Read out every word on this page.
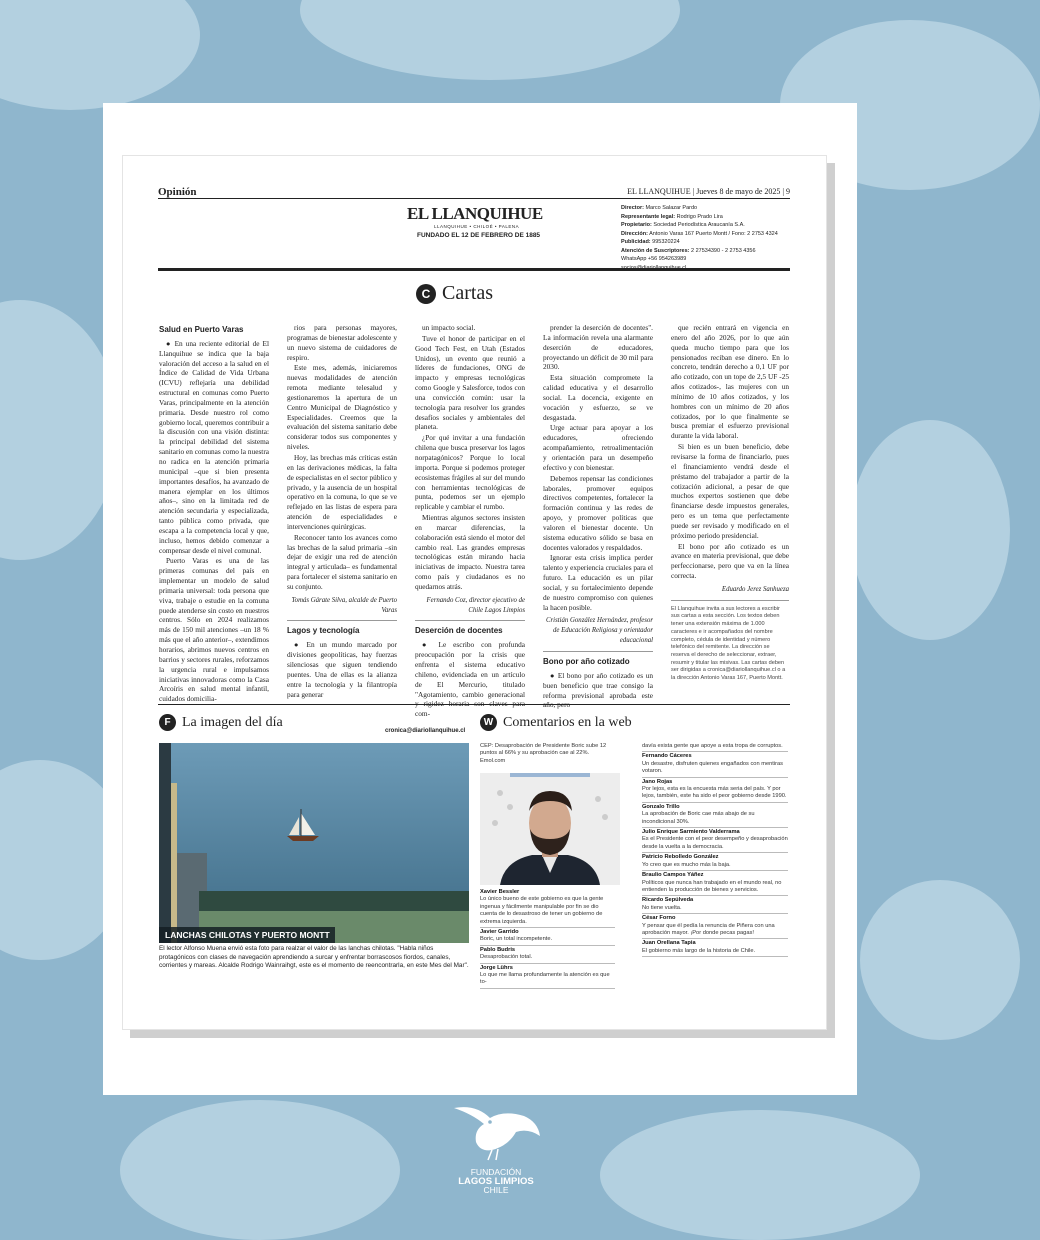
Opinión	EL LLANQUIHUE | Jueves 8 de mayo de 2025 | 9
EL LLANQUIHUE
LLANQUIHUE • CHILOÉ • PALENA
FUNDADO EL 12 DE FEBRERO DE 1885
Director: Marco Salazar Pardo
Representante legal: Rodrigo Prado Lira
Propietario: Sociedad Periodística Araucanía S.A.
Dirección: Antonio Varas 167 Puerto Montt / Fono: 2 2753 4324
Publicidad: 995320224
Atención de Suscriptores: 2 27534390 - 2 2753 4356
WhatsApp +56 954263989
socios@diariollanquihue.cl
C Cartas

Salud en Puerto Varas

● En una reciente editorial de El Llanquihue se indica que la baja valoración del acceso a la salud en el Índice de Calidad de Vida Urbana (ICVU) reflejaría una debilidad estructural en comunas como Puerto Varas, principalmente en la atención primaria. Desde nuestro rol como gobierno local, queremos contribuir a la discusión con una visión distinta: la principal debilidad del sistema sanitario en comunas como la nuestra no radica en la atención primaria municipal –que si bien presenta importantes desafíos, ha avanzado de manera ejemplar en los últimos años–, sino en la limitada red de atención secundaria y especializada, tanto pública como privada, que escapa a la competencia local y que, incluso, hemos debido comenzar a compensar desde el nivel comunal.

Puerto Varas es una de las primeras comunas del país en implementar un modelo de salud primaria universal: toda persona que viva, trabaje o estudie en la comuna puede atenderse sin costo en nuestros centros. Sólo en 2024 realizamos más de 150 mil atenciones –un 18 % más que el año anterior–, extendimos horarios, abrimos nuevos centros en barrios y sectores rurales, reforzamos la urgencia rural e impulsamos iniciativas innovadoras como la Casa Arcoíris en salud mental infantil, cuidados domicilia-

rios para personas mayores, programas de bienestar adolescente y un nuevo sistema de cuidadores de respiro.

Este mes, además, iniciaremos nuevas modalidades de atención remota mediante telesalud y gestionaremos la apertura de un Centro Municipal de Diagnóstico y Especialidades. Creemos que la evaluación del sistema sanitario debe considerar todos sus componentes y niveles.

Hoy, las brechas más críticas están en las derivaciones médicas, la falta de especialistas en el sector público y privado, y la ausencia de un hospital operativo en la comuna, lo que se ve reflejado en las listas de espera para atención de especialidades e intervenciones quirúrgicas.

Reconocer tanto los avances como las brechas de la salud primaria –sin dejar de exigir una red de atención integral y articulada– es fundamental para fortalecer el sistema sanitario en su conjunto.

Tomás Gárate Silva, alcalde de Puerto Varas

Lagos y tecnología

● En un mundo marcado por divisiones geopolíticas, hay fuerzas silenciosas que siguen tendiendo puentes. Una de ellas es la alianza entre la tecnología y la filantropía para generar

un impacto social.

Tuve el honor de participar en el Good Tech Fest, en Utah (Estados Unidos), un evento que reunió a líderes de fundaciones, ONG de impacto y empresas tecnológicas como Google y Salesforce, todos con una convicción común: usar la tecnología para resolver los grandes desafíos sociales y ambientales del planeta.

¿Por qué invitar a una fundación chilena que busca preservar los lagos norpatagónicos? Porque lo local importa. Porque si podemos proteger ecosistemas frágiles al sur del mundo con herramientas tecnológicas de punta, podemos ser un ejemplo replicable y cambiar el rumbo.

Mientras algunos sectores insisten en marcar diferencias, la colaboración está siendo el motor del cambio real. Las grandes empresas tecnológicas están mirando hacia iniciativas de impacto. Nuestra tarea como país y ciudadanos es no quedarnos atrás.

Fernando Coz, director ejecutivo de Chile Lagos Limpios

Deserción de docentes

● Le escribo con profunda preocupación por la crisis que enfrenta el sistema educativo chileno, evidenciada en un artículo de El Mercurio, titulado "Agotamiento, cambio generacional y rigidez horaria son claves para com-

prender la deserción de docentes". La información revela una alarmante deserción de educadores, proyectando un déficit de 30 mil para 2030.

Esta situación compromete la calidad educativa y el desarrollo social. La docencia, exigente en vocación y esfuerzo, se ve desgastada.

Urge actuar para apoyar a los educadores, ofreciendo acompañamiento, retroalimentación y orientación para un desempeño efectivo y con bienestar.

Debemos repensar las condiciones laborales, promover equipos directivos competentes, fortalecer la formación continua y las redes de apoyo, y promover políticas que valoren el bienestar docente. Un sistema educativo sólido se basa en docentes valorados y respaldados.

Ignorar esta crisis implica perder talento y experiencia cruciales para el futuro. La educación es un pilar social, y su fortalecimiento depende de nuestro compromiso con quienes la hacen posible.

Cristián González Hernández, profesor de Educación Religiosa y orientador educacional

Bono por año cotizado

● El bono por año cotizado es un buen beneficio que trae consigo la reforma previsional aprobada este año, pero

que recién entrará en vigencia en enero del año 2026, por lo que aún queda mucho tiempo para que los pensionados reciban ese dinero. En lo concreto, tendrán derecho a 0,1 UF por año cotizado, con un tope de 2,5 UF -25 años cotizados-, las mujeres con un mínimo de 10 años cotizados, y los hombres con un mínimo de 20 años cotizados, por lo que finalmente se busca premiar el esfuerzo previsional durante la vida laboral.

Si bien es un buen beneficio, debe revisarse la forma de financiarlo, pues el financiamiento vendrá desde el préstamo del trabajador a partir de la cotización adicional, a pesar de que muchos expertos sostienen que debe financiarse desde impuestos generales, pero es un tema que perfectamente puede ser revisado y modificado en el próximo periodo presidencial.

El bono por año cotizado es un avance en materia previsional, que debe perfeccionarse, pero que va en la línea correcta.

Eduardo Jerez Sanhueza

El Llanquihue invita a sus lectores a escribir sus cartas a esta sección. Los textos deben tener una extensión máxima de 1.000 caracteres e ir acompañados del nombre completo, cédula de identidad y número telefónico del remitente. La dirección se reserva el derecho de seleccionar, extraer, resumir y titular las misivas. Las cartas deben ser dirigidas a cronica@diariollanquihue.cl o a la dirección Antonio Varas 167, Puerto Montt.

F La imagen del día
cronica@diariollanquihue.cl
LANCHAS CHILOTAS Y PUERTO MONTT
El lector Alfonso Muena envió esta foto para realzar el valor de las lanchas chilotas. "Habla niños protagónicos con clases de navegación aprendiendo a surcar y enfrentar borrascosos fiordos, canales, corrientes y mareas. Alcalde Rodrigo Wainraihgt, este es el momento de reencontrarla, en este Mes del Mar".
W Comentarios en la web
CEP: Desaprobación de Presidente Boric sube 12 puntos al 66% y su aprobación cae al 22%. Emol.com
Xavier Bessler
Lo único bueno de este gobierno es que la gente ingenua y fácilmente manipulable por fin se dio cuenta de lo desastroso de tener un gobierno de extrema izquierda.
Javier Garrido
Boric, un total incompetente.
Pablo Budris
Desaprobación total.
Jorge Lührs
Lo que me llama profundamente la atención es que to-
davía exista gente que apoye a esta tropa de corruptos.
Fernando Cáceres
Un desastre, disfruten quienes engañados con mentiras votaron.
Jano Rojas
Por lejos, esta es la encuesta más seria del país. Y por lejos, también, este ha sido el peor gobierno desde 1990.
Gonzalo Trillo
La aprobación de Boric cae más abajo de su incondicional 30%.
Julio Enrique Sarmiento Valderrama
Es el Presidente con el peor desempeño y desaprobación desde la vuelta a la democracia.
Patricio Rebolledo González
Yo creo que es mucho más la baja.
Braulio Campos Yáñez
Políticos que nunca han trabajado en el mundo real, no entienden la producción de bienes y servicios.
Ricardo Sepúlveda
No tiene vuelta.
César Forno
Y pensar que él pedía la renuncia de Piñera con una aprobación mayor. ¡Por donde pecas pagas!
Juan Orellana Tapia
El gobierno más largo de la historia de Chile.
FUNDACIÓN
LAGOS LIMPIOS
CHILE
